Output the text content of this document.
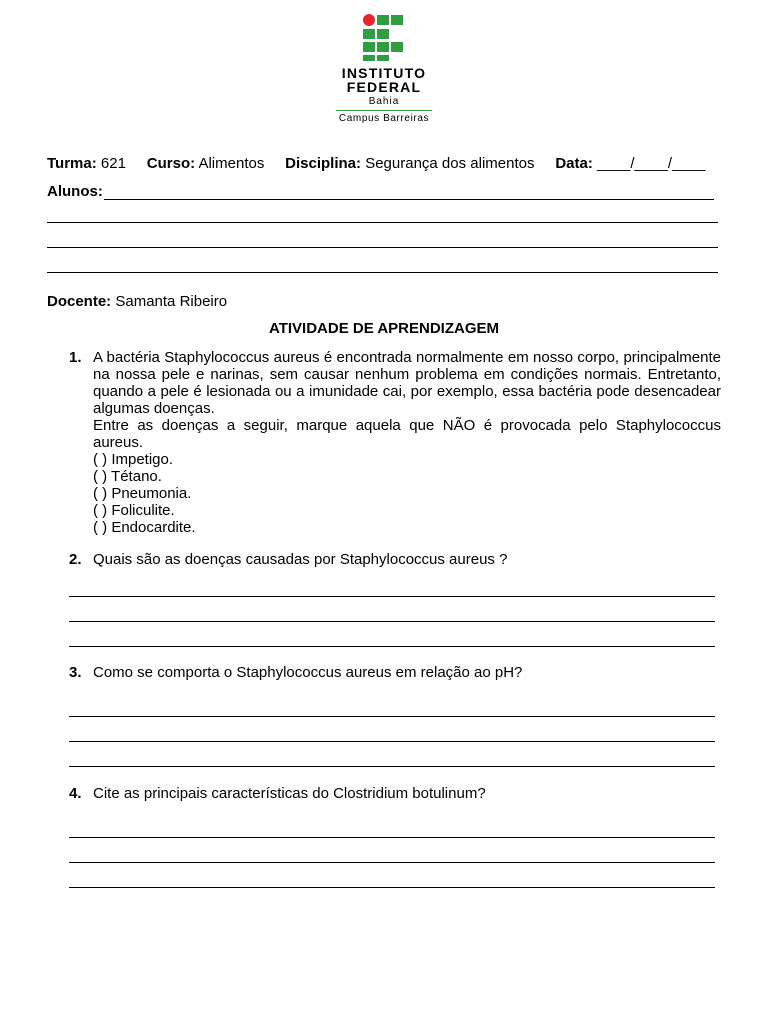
INSTITUTO
FEDERAL
Bahia
Campus Barreiras
Turma: 621 Curso: Alimentos Disciplina: Segurança dos alimentos Data: ____/____/____
Alunos:
Docente: Samanta Ribeiro
ATIVIDADE DE APRENDIZAGEM
1. A bactéria Staphylococcus aureus é encontrada normalmente em nosso corpo, principalmente na nossa pele e narinas, sem causar nenhum problema em condições normais. Entretanto, quando a pele é lesionada ou a imunidade cai, por exemplo, essa bactéria pode desencadear algumas doenças.
Entre as doenças a seguir, marque aquela que NÃO é provocada pelo Staphylococcus aureus.
( ) Impetigo.
( ) Tétano.
( ) Pneumonia.
( ) Foliculite.
( ) Endocardite.
2. Quais são as doenças causadas por Staphylococcus aureus ?
3. Como se comporta o Staphylococcus aureus em relação ao pH?
4. Cite as principais características do Clostridium botulinum?
